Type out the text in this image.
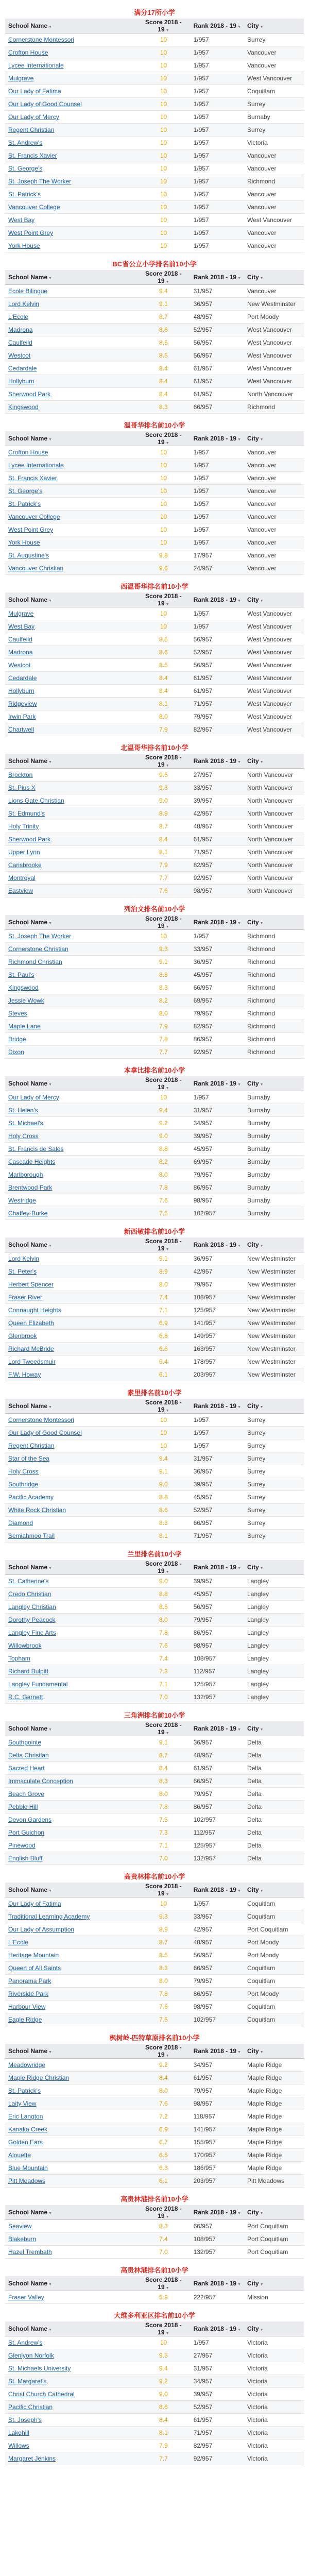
满分17所小学
School Name ▼	Score 2018 - 19 ▼	Rank 2018 - 19 ▼	City ▼
Cornerstone Montessori	10	1/957	Surrey
Crofton House	10	1/957	Vancouver
Lycee Internationale	10	1/957	Vancouver
Mulgrave	10	1/957	West Vancouver
Our Lady of Fatima	10	1/957	Coquitlam
Our Lady of Good Counsel	10	1/957	Surrey
Our Lady of Mercy	10	1/957	Burnaby
Regent Christian	10	1/957	Surrey
St. Andrew's	10	1/957	Victoria
St. Francis Xavier	10	1/957	Vancouver
St. George's	10	1/957	Vancouver
St. Joseph The Worker	10	1/957	Richmond
St. Patrick's	10	1/957	Vancouver
Vancouver College	10	1/957	Vancouver
West Bay	10	1/957	West Vancouver
West Point Grey	10	1/957	Vancouver
York House	10	1/957	Vancouver
BC省公立小学排名前10小学
School Name ▼	Score 2018 - 19 ▼	Rank 2018 - 19 ▼	City ▼
Ecole Bilingue	9.4	31/957	Vancouver
Lord Kelvin	9.1	36/957	New Westminster
L'Ecole	8.7	48/957	Port Moody
Madrona	8.6	52/957	West Vancouver
Caulfeild	8.5	56/957	West Vancouver
Westcot	8.5	56/957	West Vancouver
Cedardale	8.4	61/957	West Vancouver
Hollyburn	8.4	61/957	West Vancouver
Sherwood Park	8.4	61/957	North Vancouver
Kingswood	8.3	66/957	Richmond
温哥华排名前10小学
School Name ▼	Score 2018 - 19 ▼	Rank 2018 - 19 ▼	City ▼
Crofton House	10	1/957	Vancouver
Lycee Internationale	10	1/957	Vancouver
St. Francis Xavier	10	1/957	Vancouver
St. George's	10	1/957	Vancouver
St. Patrick's	10	1/957	Vancouver
Vancouver College	10	1/957	Vancouver
West Point Grey	10	1/957	Vancouver
York House	10	1/957	Vancouver
St. Augustine's	9.8	17/957	Vancouver
Vancouver Christian	9.6	24/957	Vancouver
西温哥华排名前10小学
School Name ▼	Score 2018 - 19 ▼	Rank 2018 - 19 ▼	City ▼
Mulgrave	10	1/957	West Vancouver
West Bay	10	1/957	West Vancouver
Caulfeild	8.5	56/957	West Vancouver
Madrona	8.6	52/957	West Vancouver
Westcot	8.5	56/957	West Vancouver
Cedardale	8.4	61/957	West Vancouver
Hollyburn	8.4	61/957	West Vancouver
Ridgeview	8.1	71/957	West Vancouver
Irwin Park	8.0	79/957	West Vancouver
Chartwell	7.9	82/957	West Vancouver
北温哥华排名前10小学
School Name ▼	Score 2018 - 19 ▼	Rank 2018 - 19 ▼	City ▼
Brockton	9.5	27/957	North Vancouver
St. Pius X	9.3	33/957	North Vancouver
Lions Gate Christian	9.0	39/957	North Vancouver
St. Edmund's	8.9	42/957	North Vancouver
Holy Trinity	8.7	48/957	North Vancouver
Sherwood Park	8.4	61/957	North Vancouver
Upper Lynn	8.1	71/957	North Vancouver
Carisbrooke	7.9	82/957	North Vancouver
Montroyal	7.7	92/957	North Vancouver
Eastview	7.6	98/957	North Vancouver
列治文排名前10小学
School Name ▼	Score 2018 - 19 ▼	Rank 2018 - 19 ▼	City ▼
St. Joseph The Worker	10	1/957	Richmond
Cornerstone Christian	9.3	33/957	Richmond
Richmond Christian	9.1	36/957	Richmond
St. Paul's	8.8	45/957	Richmond
Kingswood	8.3	66/957	Richmond
Jessie Wowk	8.2	69/957	Richmond
Steves	8.0	79/957	Richmond
Maple Lane	7.9	82/957	Richmond
Bridge	7.8	86/957	Richmond
Dixon	7.7	92/957	Richmond
本拿比排名前10小学
School Name ▼	Score 2018 - 19 ▼	Rank 2018 - 19 ▼	City ▼
Our Lady of Mercy	10	1/957	Burnaby
St. Helen's	9.4	31/957	Burnaby
St. Michael's	9.2	34/957	Burnaby
Holy Cross	9.0	39/957	Burnaby
St. Francis de Sales	8.8	45/957	Burnaby
Cascade Heights	8.2	69/957	Burnaby
Marlborough	8.0	79/957	Burnaby
Brentwood Park	7.8	86/957	Burnaby
Westridge	7.6	98/957	Burnaby
Chaffey-Burke	7.5	102/957	Burnaby
新西敏排名前10小学
School Name ▼	Score 2018 - 19 ▼	Rank 2018 - 19 ▼	City ▼
Lord Kelvin	9.1	36/957	New Westminster
St. Peter's	8.9	42/957	New Westminster
Herbert Spencer	8.0	79/957	New Westminster
Fraser River	7.4	108/957	New Westminster
Connaught Heights	7.1	125/957	New Westminster
Queen Elizabeth	6.9	141/957	New Westminster
Glenbrook	6.8	149/957	New Westminster
Richard McBride	6.6	163/957	New Westminster
Lord Tweedsmuir	6.4	178/957	New Westminster
F.W. Howay	6.1	203/957	New Westminster
素里排名前10小学
School Name ▼	Score 2018 - 19 ▼	Rank 2018 - 19 ▼	City ▼
Cornerstone Montessori	10	1/957	Surrey
Our Lady of Good Counsel	10	1/957	Surrey
Regent Christian	10	1/957	Surrey
Star of the Sea	9.4	31/957	Surrey
Holy Cross	9.1	36/957	Surrey
Southridge	9.0	39/957	Surrey
Pacific Academy	8.8	45/957	Surrey
White Rock Christian	8.6	52/957	Surrey
Diamond	8.3	66/957	Surrey
Semiahmoo Trail	8.1	71/957	Surrey
兰里排名前10小学
School Name ▼	Score 2018 - 19 ▼	Rank 2018 - 19 ▼	City ▼
St. Catherine's	9.0	39/957	Langley
Credo Christian	8.8	45/957	Langley
Langley Christian	8.5	56/957	Langley
Dorothy Peacock	8.0	79/957	Langley
Langley Fine Arts	7.8	86/957	Langley
Willowbrook	7.6	98/957	Langley
Topham	7.4	108/957	Langley
Richard Bulpitt	7.3	112/957	Langley
Langley Fundamental	7.1	125/957	Langley
R.C. Garnett	7.0	132/957	Langley
三角洲排名前10小学
School Name ▼	Score 2018 - 19 ▼	Rank 2018 - 19 ▼	City ▼
Southpointe	9.1	36/957	Delta
Delta Christian	8.7	48/957	Delta
Sacred Heart	8.4	61/957	Delta
Immaculate Conception	8.3	66/957	Delta
Beach Grove	8.0	79/957	Delta
Pebble Hill	7.8	86/957	Delta
Devon Gardens	7.5	102/957	Delta
Port Guichon	7.3	112/957	Delta
Pinewood	7.1	125/957	Delta
English Bluff	7.0	132/957	Delta
高贵林排名前10小学
School Name ▼	Score 2018 - 19 ▼	Rank 2018 - 19 ▼	City ▼
Our Lady of Fatima	10	1/957	Coquitlam
Traditional Learning Academy	9.3	33/957	Coquitlam
Our Lady of Assumption	8.9	42/957	Port Coquitlam
L'Ecole	8.7	48/957	Port Moody
Heritage Mountain	8.5	56/957	Port Moody
Queen of All Saints	8.3	66/957	Coquitlam
Panorama Park	8.0	79/957	Coquitlam
Riverside Park	7.8	86/957	Port Moody
Harbour View	7.6	98/957	Coquitlam
Eagle Ridge	7.5	102/957	Coquitlam
枫树岭-匹特草原排名前10小学
School Name ▼	Score 2018 - 19 ▼	Rank 2018 - 19 ▼	City ▼
Meadowridge	9.2	34/957	Maple Ridge
Maple Ridge Christian	8.4	61/957	Maple Ridge
St. Patrick's	8.0	79/957	Maple Ridge
Laity View	7.6	98/957	Maple Ridge
Eric Langton	7.2	118/957	Maple Ridge
Kanaka Creek	6.9	141/957	Maple Ridge
Golden Ears	6.7	155/957	Maple Ridge
Alouette	6.5	170/957	Maple Ridge
Blue Mountain	6.3	186/957	Maple Ridge
Pitt Meadows	6.1	203/957	Pitt Meadows
高贵林港排名前10小学
School Name ▼	Score 2018 - 19 ▼	Rank 2018 - 19 ▼	City ▼
Seaview	8.3	66/957	Port Coquitlam
Blakeburn	7.4	108/957	Port Coquitlam
Hazel Trembath	7.0	132/957	Port Coquitlam
高贵林港排名前10小学
School Name ▼	Score 2018 - 19 ▼	Rank 2018 - 19 ▼	City ▼
Fraser Valley	5.9	222/957	Mission
大维多利亚区排名前10小学
School Name ▼	Score 2018 - 19 ▼	Rank 2018 - 19 ▼	City ▼
St. Andrew's	10	1/957	Victoria
Glenlyon Norfolk	9.5	27/957	Victoria
St. Michaels University	9.4	31/957	Victoria
St. Margaret's	9.2	34/957	Victoria
Christ Church Cathedral	9.0	39/957	Victoria
Pacific Christian	8.6	52/957	Victoria
St. Joseph's	8.4	61/957	Victoria
Lakehill	8.1	71/957	Victoria
Willows	7.9	82/957	Victoria
Margaret Jenkins	7.7	92/957	Victoria
